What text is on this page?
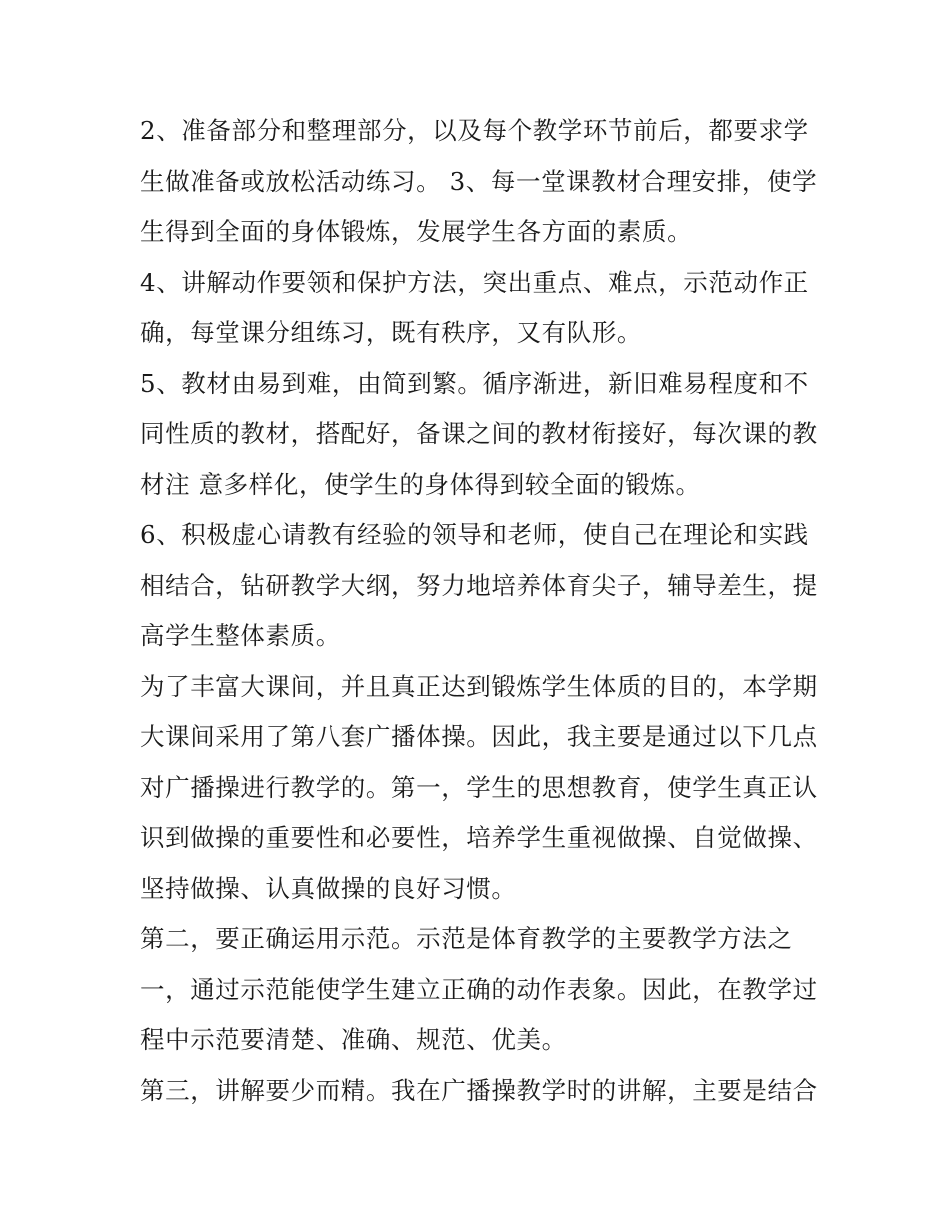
2、准备部分和整理部分，以及每个教学环节前后，都要求学
生做准备或放松活动练习。 3、每一堂课教材合理安排，使学
生得到全面的身体锻炼，发展学生各方面的素质。

4、讲解动作要领和保护方法，突出重点、难点，示范动作正
确，每堂课分组练习，既有秩序，又有队形。

5、教材由易到难，由简到繁。循序渐进，新旧难易程度和不
同性质的教材，搭配好，备课之间的教材衔接好，每次课的教
材注 意多样化，使学生的身体得到较全面的锻炼。

6、积极虚心请教有经验的领导和老师，使自己在理论和实践
相结合，钻研教学大纲，努力地培养体育尖子，辅导差生，提
高学生整体素质。

为了丰富大课间，并且真正达到锻炼学生体质的目的，本学期
大课间采用了第八套广播体操。因此，我主要是通过以下几点
对广播操进行教学的。第一，学生的思想教育，使学生真正认
识到做操的重要性和必要性，培养学生重视做操、自觉做操、
坚持做操、认真做操的良好习惯。

第二，要正确运用示范。示范是体育教学的主要教学方法之
一，通过示范能使学生建立正确的动作表象。因此，在教学过
程中示范要清楚、准确、规范、优美。

第三，讲解要少而精。我在广播操教学时的讲解，主要是结合
